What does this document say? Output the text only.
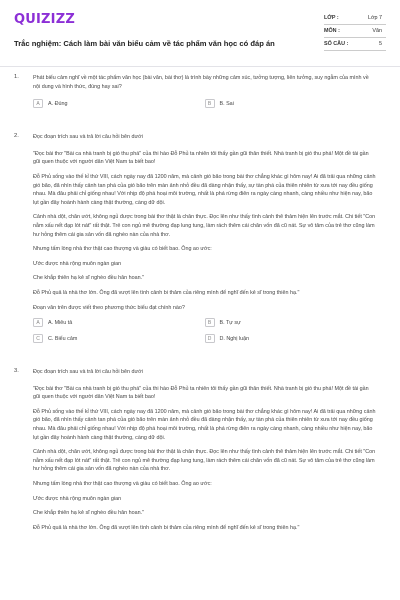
QUIZIZZ
Trắc nghiệm: Cách làm bài văn biểu cảm về tác phẩm văn học có đáp án
LỚP :	Lớp 7
MÔN :	Văn
SỐ CÂU :	5
1.	Phát biểu cảm nghĩ về một tác phẩm văn học (bài văn, bài thơ) là trình bày những cảm xúc, tưởng tượng, liên tưởng, suy ngẫm của mình về nội dung và hình thức, đúng hay sai?
A	A. Đúng	B	B. Sai
2.	Đọc đoạn trích sau và trả lời câu hỏi bên dưới
"Đọc bài thơ "Bài ca nhà tranh bị gió thu phá" của thi hào Đỗ Phủ ta nhiên tôi thấy gần gũi thân thiết. Nhà tranh bị gió thu phá! Một đề tài gần gũi quen thuộc với người dân Việt Nam ta biết bao!
Đỗ Phủ sống vào thế kỉ thứ VIII, cách ngày nay đã 1200 năm, mà cảnh gió bão trong bài thơ chẳng khác gì hôm nay! Ai đã trải qua những cảnh gió bão, đã nhìn thấy cảnh tan phá của gió bão trên màn ảnh nhỏ đều đã dàng nhận thấy, sự tàn phá của thiên nhiên từ xưa tới nay đều giống nhau. Mà đâu phải chỉ giống nhau! Với nhịp độ phá hoại môi trường, nhất là phá rừng điên ra ngày càng nhanh, càng nhiều như hiện nay, bão lụt gần đây hoành hành càng thật thường, càng dữ dội.
Cảnh nhà dột, chăn ướt, không ngủ được trong bài thơ thật là chân thực. Đọc lên như thấy tình cảnh thê thảm hiện lên trước mắt. Chi tiết "Con nằm xấu nết đạp lót nát" rất thật. Trẻ con ngủ mê thường đạp lung tung, làm rách thêm cái chăn vốn đã cũ nát. Sự vô tâm của trẻ thơ cũng làm hư hỏng thêm cái gia sản vốn đã nghèo nàn của nhà thơ.
Nhưng tấm lòng nhà thơ thật cao thượng và giàu có biết bao. Ông ao ước:
Ước được nhà rộng muôn ngàn gian
Che khắp thiên hạ kẻ sĩ nghèo đều hân hoan."
Đỗ Phủ quả là nhà thơ lớn. Ông đã vượt lên tình cảnh bi thảm của riêng mình để nghĩ đến kẻ sĩ trong thiên hạ."
Đoạn văn trên được viết theo phương thức biểu đạt chính nào?
A	A. Miêu tả	B	B. Tự sự
C	C. Biểu cảm	D	D. Nghị luận
3.	Đọc đoạn trích sau và trả lời câu hỏi bên dưới
"Đọc bài thơ "Bài ca nhà tranh bị gió thu phá" của thi hào Đỗ Phủ ta nhiên tôi thấy gần gũi thân thiết. Nhà tranh bị gió thu phá! Một đề tài gần gũi quen thuộc với người dân Việt Nam ta biết bao!
Đỗ Phủ sống vào thế kỉ thứ VIII, cách ngày nay đã 1200 năm, mà cảnh gió bão trong bài thơ chẳng khác gì hôm nay! Ai đã trải qua những cảnh gió bão, đã nhìn thấy cảnh tan phá của gió bão trên màn ảnh nhỏ đều đã dàng nhận thấy, sự tàn phá của thiên nhiên từ xưa tới nay đều giống nhau. Mà đâu phải chỉ giống nhau! Với nhịp độ phá hoại môi trường, nhất là phá rừng điên ra ngày càng nhanh, càng nhiều như hiện nay, bão lụt gần đây hoành hành càng thật thường, càng dữ dội.
Cảnh nhà dột, chăn ướt, không ngủ được trong bài thơ thật là chân thực. Đọc lên như thấy tình cảnh thê thảm hiện lên trước mắt. Chi tiết "Con nằm xấu nết đạp lót nát" rất thật. Trẻ con ngủ mê thường đạp lung tung, làm rách thêm cái chăn vốn đã cũ nát. Sự vô tâm của trẻ thơ cũng làm hư hỏng thêm cái gia sản vốn đã nghèo nàn của nhà thơ.
Nhưng tấm lòng nhà thơ thật cao thượng và giàu có biết bao. Ông ao ước:
Ước được nhà rộng muôn ngàn gian
Che khắp thiên hạ kẻ sĩ nghèo đều hân hoan."
Đỗ Phủ quả là nhà thơ lớn. Ông đã vượt lên tình cảnh bi thảm của riêng mình để nghĩ đến kẻ sĩ trong thiên hạ."
